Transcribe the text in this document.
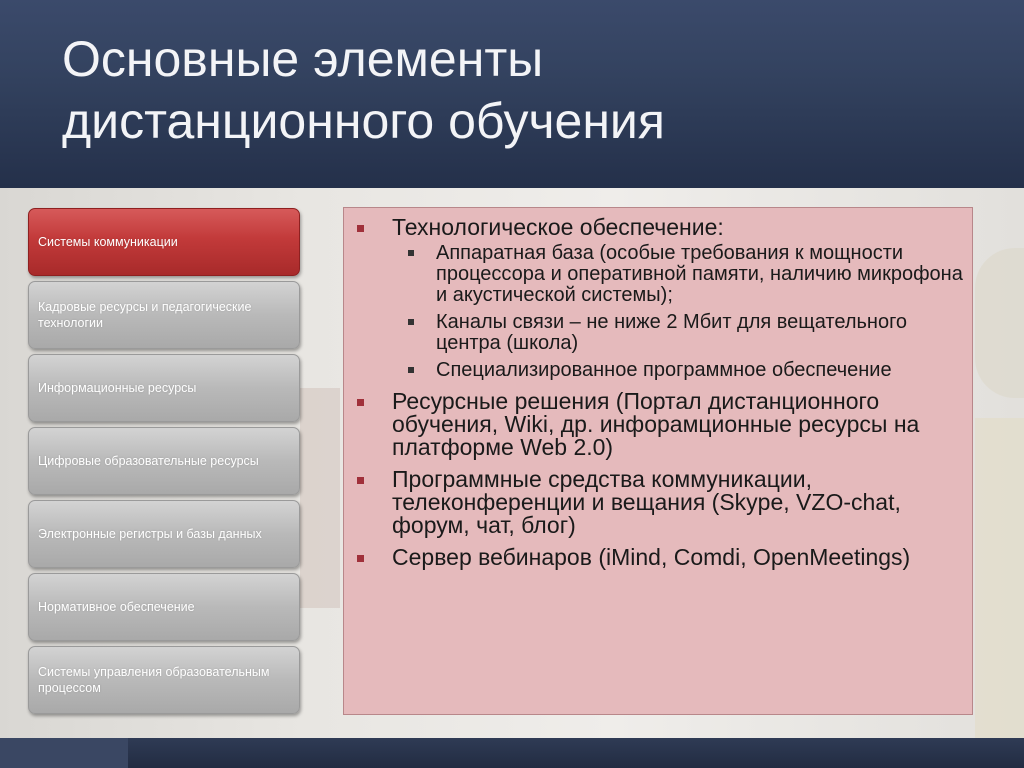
Основные элементы
дистанционного обучения
Системы коммуникации
Кадровые ресурсы и педагогические технологии
Информационные ресурсы
Цифровые образовательные ресурсы
Электронные регистры и базы данных
Нормативное обеспечение
Системы управления образовательным процессом
Технологическое обеспечение:
Аппаратная база (особые требования к мощности процессора и оперативной памяти, наличию микрофона и акустической системы);
Каналы связи – не ниже 2 Мбит для вещательного центра (школа)
Специализированное программное обеспечение
Ресурсные решения (Портал дистанционного обучения, Wiki, др. инфорамционные ресурсы на платформе Web 2.0)
Программные средства коммуникации, телеконференции и вещания (Skype, VZO-chat, форум, чат, блог)
Сервер вебинаров (iMind, Comdi, OpenMeetings)
